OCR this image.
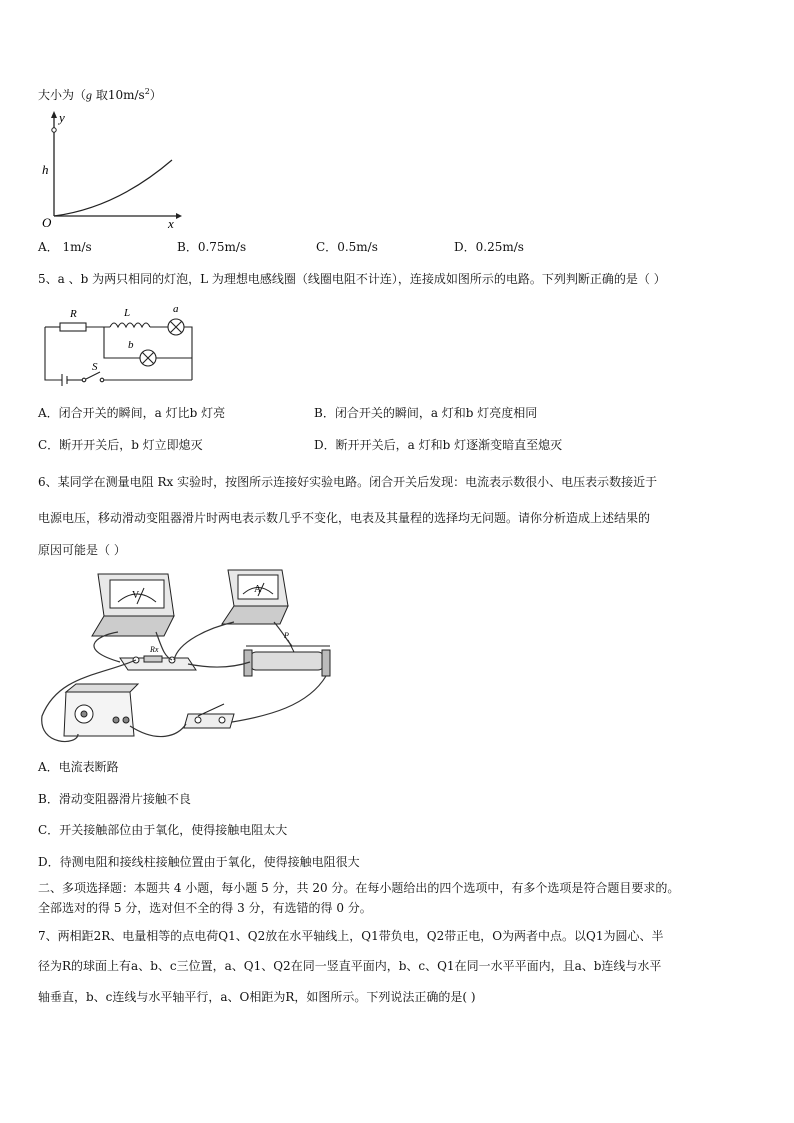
大小为（g 取$10m/s^2$）
y
h
O	x
A． 1m/s	B．0.75m/s	C．0.5m/s	D．0.25m/s
5、a 、b 为两只相同的灯泡，L 为理想电感线圈（线圈电阻不计连），连接成如图所示的电路。下列判断正确的是（ ）
R	L	a
b
S
A．闭合开关的瞬间，a 灯比b 灯亮	B．闭合开关的瞬间，a 灯和b 灯亮度相同
C．断开开关后，b 灯立即熄灭	D．断开开关后，a 灯和b 灯逐渐变暗直至熄灭
6、某同学在测量电阻 Rx 实验时，按图所示连接好实验电路。闭合开关后发现：电流表示数很小、电压表示数接近于
电源电压，移动滑动变阻器滑片时两电表示数几乎不变化，电表及其量程的选择均无问题。请你分析造成上述结果的
原因可能是（ ）
V
A
Rx
P
A．电流表断路
B．滑动变阻器滑片接触不良
C．开关接触部位由于氧化，使得接触电阻太大
D．待测电阻和接线柱接触位置由于氧化，使得接触电阻很大
二、多项选择题：本题共 4 小题，每小题 5 分，共 20 分。在每小题给出的四个选项中，有多个选项是符合题目要求的。
全部选对的得 5 分，选对但不全的得 3 分，有选错的得 0 分。
7、两相距2R、电量相等的点电荷Q1、Q2放在水平轴线上，Q1带负电，Q2带正电，O为两者中点。以Q1为圆心、半
径为R的球面上有a、b、c三位置，a、Q1、Q2在同一竖直平面内，b、c、Q1在同一水平平面内，且a、b连线与水平
轴垂直，b、c连线与水平轴平行，a、O相距为R，如图所示。下列说法正确的是( )
